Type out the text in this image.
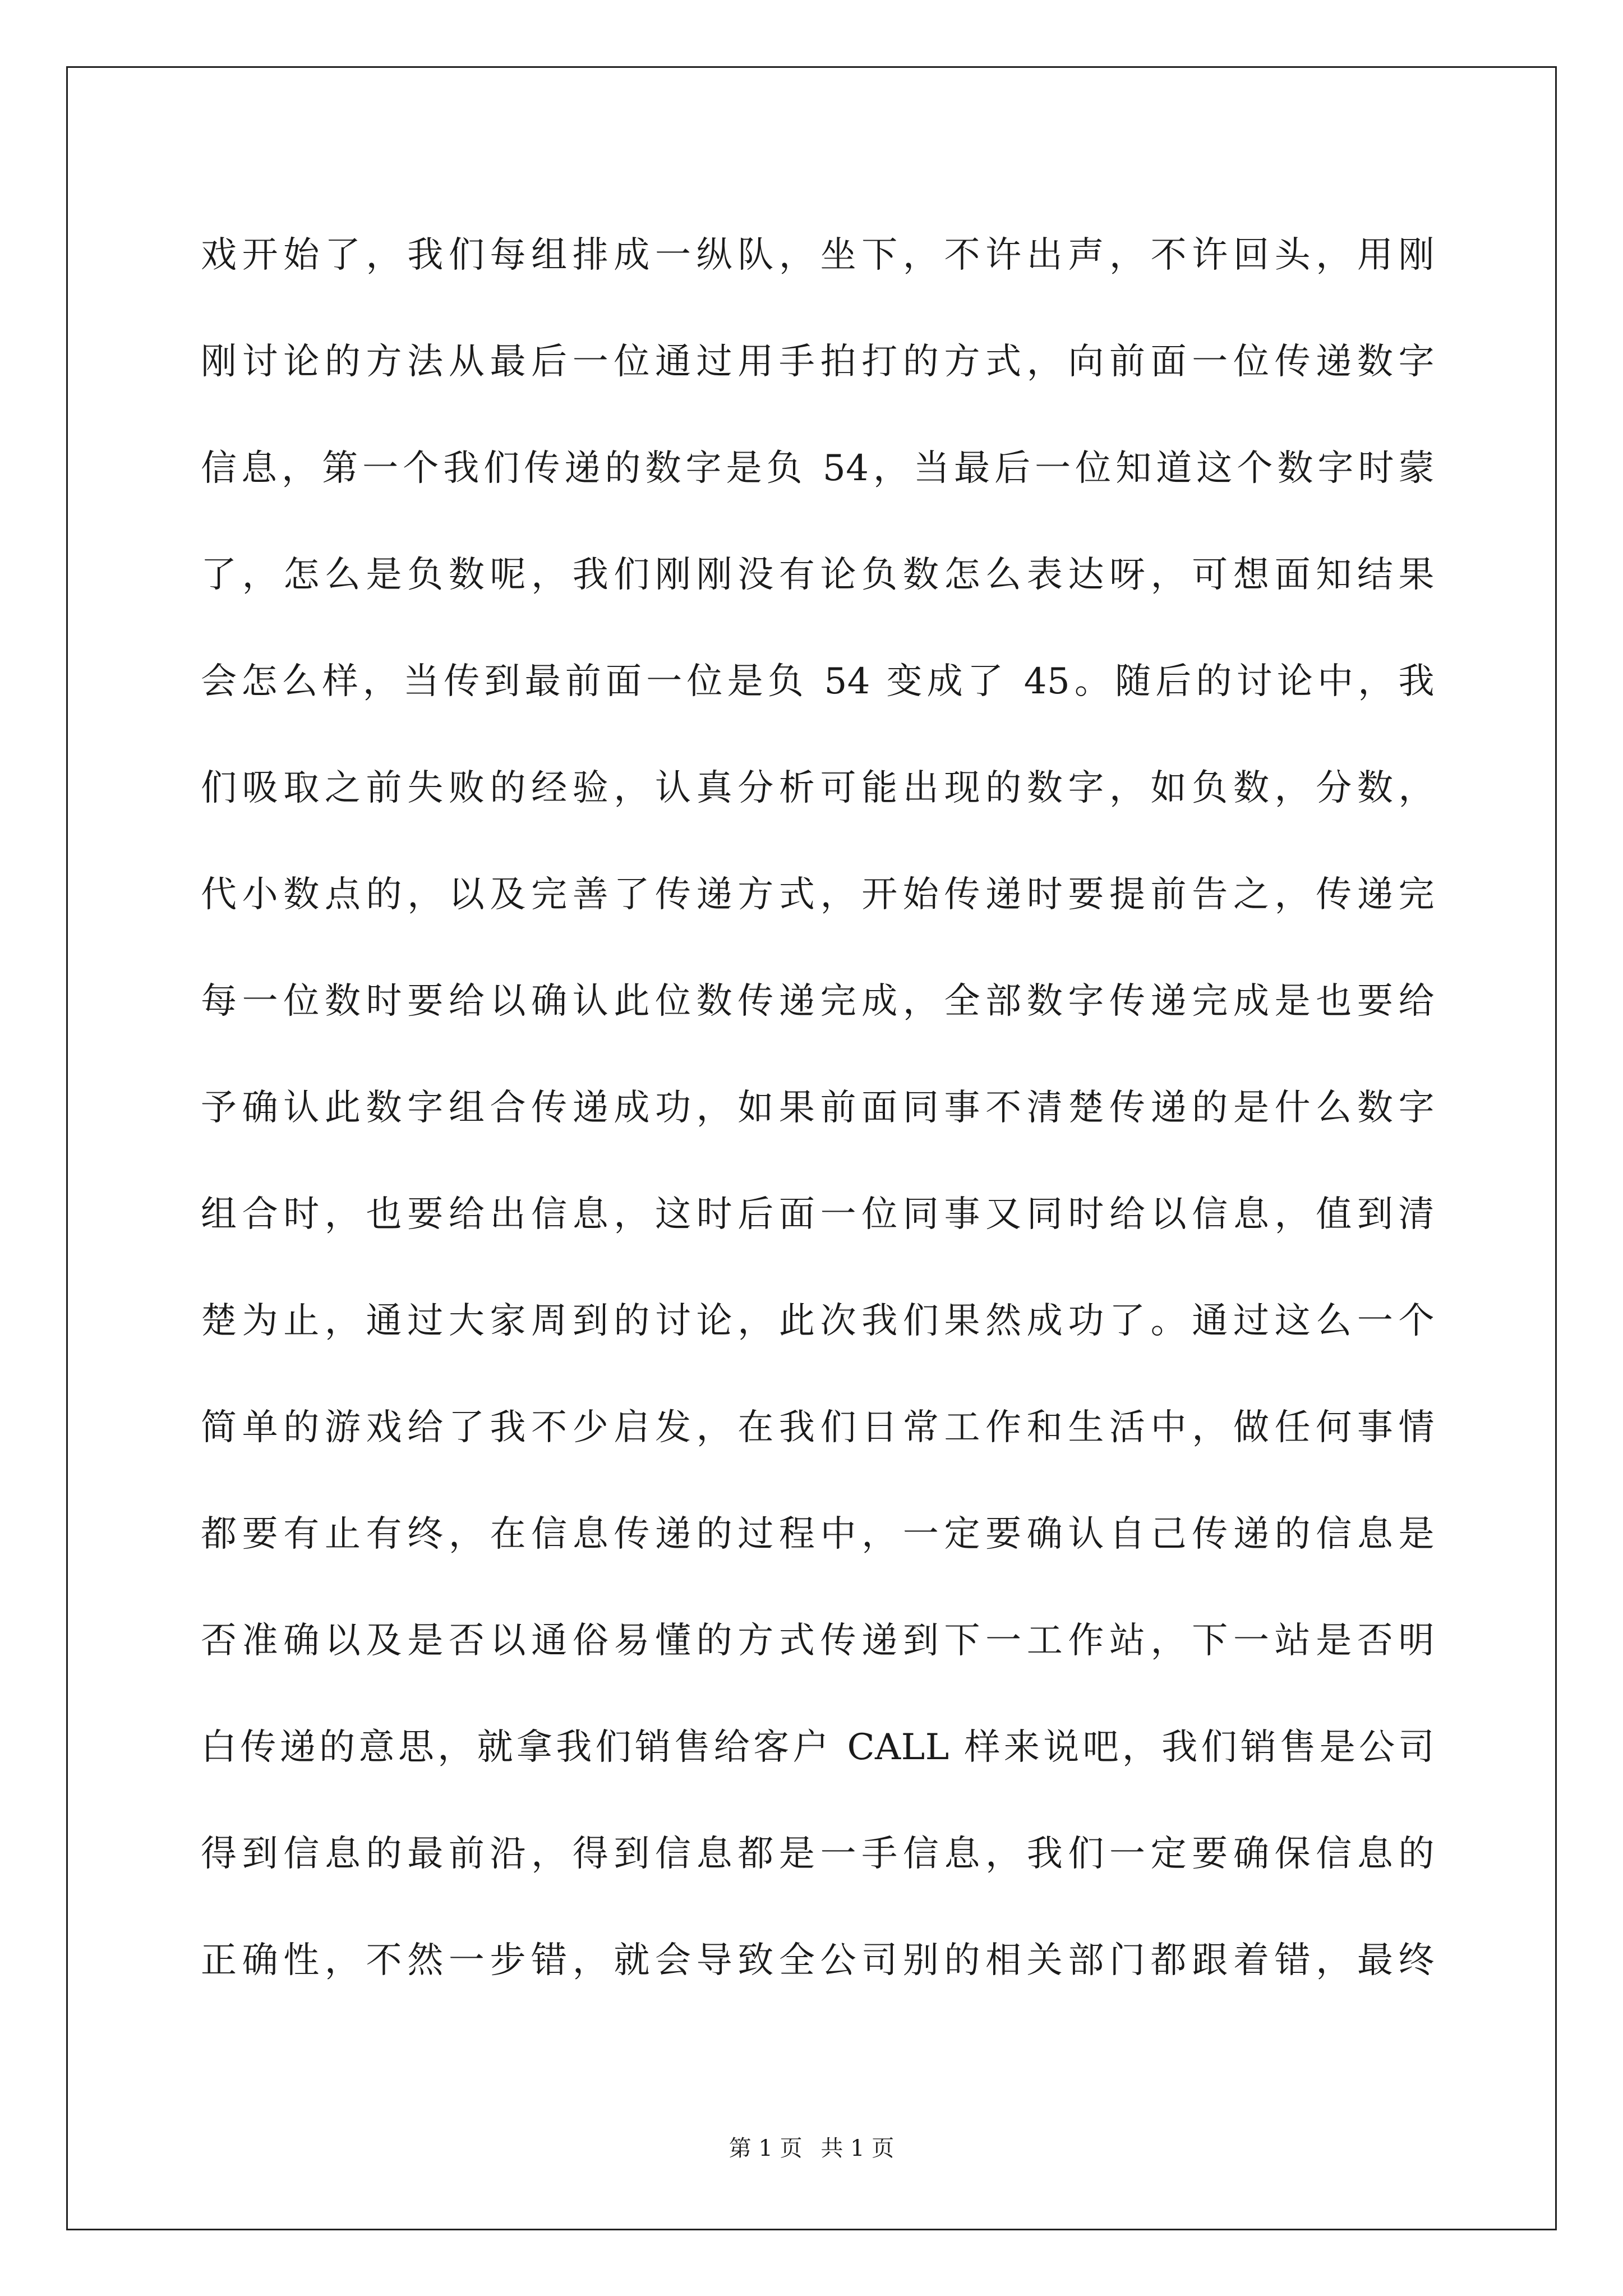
戏开始了，我们每组排成一纵队，坐下，不许出声，不许回头，用刚
刚讨论的方法从最后一位通过用手拍打的方式，向前面一位传递数字
信息，第一个我们传递的数字是负 54，当最后一位知道这个数字时蒙
了，怎么是负数呢，我们刚刚没有论负数怎么表达呀，可想面知结果
会怎么样，当传到最前面一位是负 54 变成了 45。随后的讨论中，我
们吸取之前失败的经验，认真分析可能出现的数字，如负数，分数，
代小数点的，以及完善了传递方式，开始传递时要提前告之，传递完
每一位数时要给以确认此位数传递完成，全部数字传递完成是也要给
予确认此数字组合传递成功，如果前面同事不清楚传递的是什么数字
组合时，也要给出信息，这时后面一位同事又同时给以信息，值到清
楚为止，通过大家周到的讨论，此次我们果然成功了。通过这么一个
简单的游戏给了我不少启发，在我们日常工作和生活中，做任何事情
都要有止有终，在信息传递的过程中，一定要确认自己传递的信息是
否准确以及是否以通俗易懂的方式传递到下一工作站，下一站是否明
白传递的意思，就拿我们销售给客户 CALL 样来说吧，我们销售是公司
得到信息的最前沿，得到信息都是一手信息，我们一定要确保信息的
正确性，不然一步错，就会导致全公司别的相关部门都跟着错，最终
第 1 页 共 1 页
